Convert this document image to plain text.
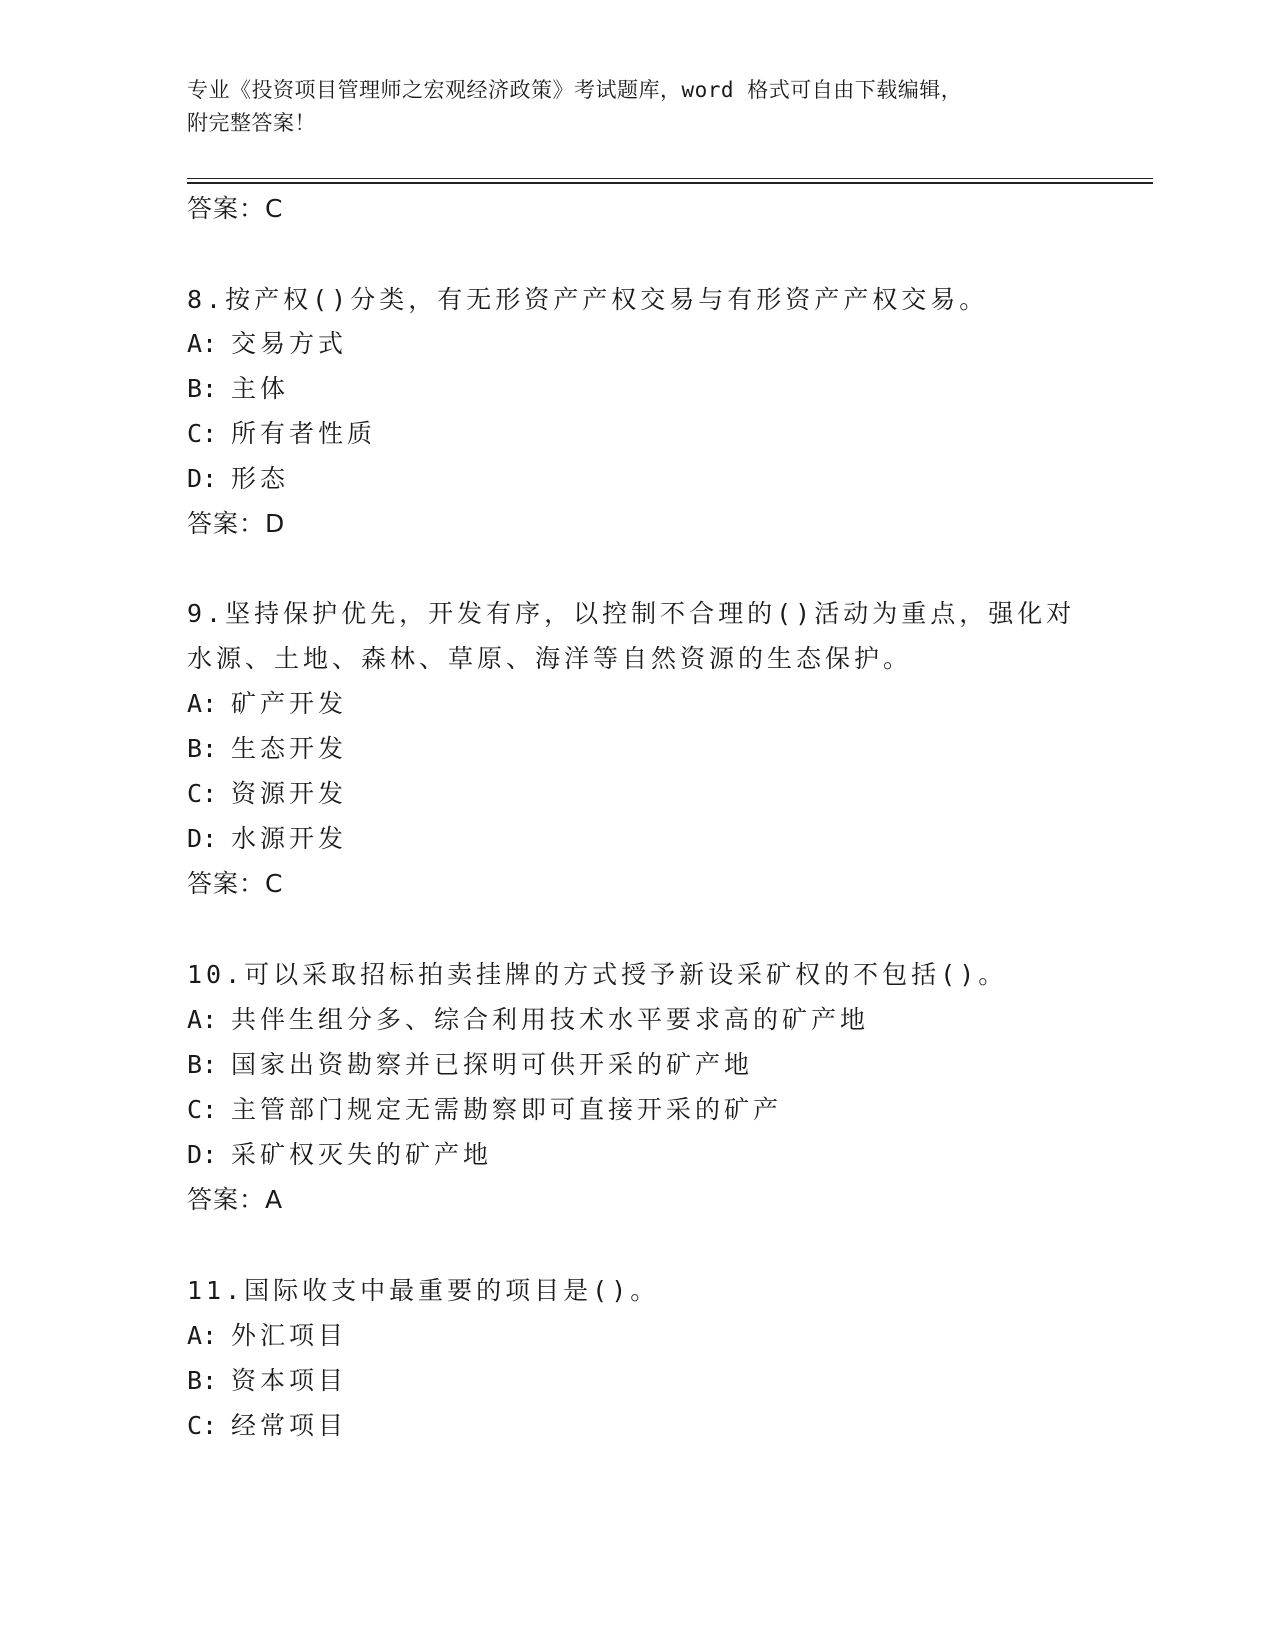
专业《投资项目管理师之宏观经济政策》考试题库，word 格式可自由下载编辑，
附完整答案！
答案：C
8.按产权()分类，有无形资产产权交易与有形资产产权交易。
A: 交易方式
B: 主体
C: 所有者性质
D: 形态
答案：D
9.坚持保护优先，开发有序，以控制不合理的()活动为重点，强化对
水源、土地、森林、草原、海洋等自然资源的生态保护。
A: 矿产开发
B: 生态开发
C: 资源开发
D: 水源开发
答案：C
10.可以采取招标拍卖挂牌的方式授予新设采矿权的不包括()。
A: 共伴生组分多、综合利用技术水平要求高的矿产地
B: 国家出资勘察并已探明可供开采的矿产地
C: 主管部门规定无需勘察即可直接开采的矿产
D: 采矿权灭失的矿产地
答案：A
11.国际收支中最重要的项目是()。
A: 外汇项目
B: 资本项目
C: 经常项目
